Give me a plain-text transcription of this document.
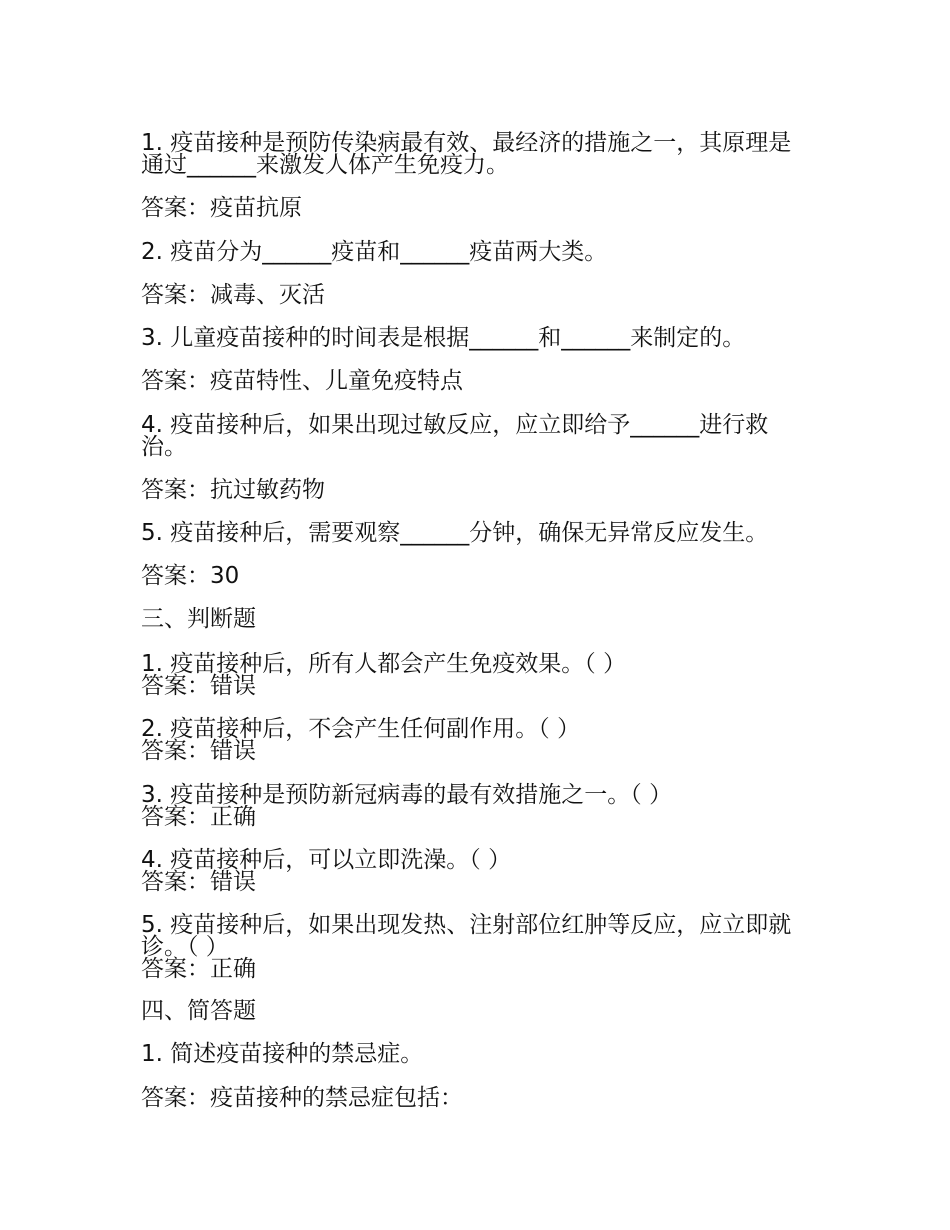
1. 疫苗接种是预防传染病最有效、最经济的措施之一，其原理是通过______来激发人体产生免疫力。
答案：疫苗抗原
2. 疫苗分为______疫苗和______疫苗两大类。
答案：减毒、灭活
3. 儿童疫苗接种的时间表是根据______和______来制定的。
答案：疫苗特性、儿童免疫特点
4. 疫苗接种后，如果出现过敏反应，应立即给予______进行救治。
答案：抗过敏药物
5. 疫苗接种后，需要观察______分钟，确保无异常反应发生。
答案：30
三、判断题
1. 疫苗接种后，所有人都会产生免疫效果。（ ）
答案：错误
2. 疫苗接种后，不会产生任何副作用。（ ）
答案：错误
3. 疫苗接种是预防新冠病毒的最有效措施之一。（ ）
答案：正确
4. 疫苗接种后，可以立即洗澡。（ ）
答案：错误
5. 疫苗接种后，如果出现发热、注射部位红肿等反应，应立即就诊。（ ）
答案：正确
四、简答题
1. 简述疫苗接种的禁忌症。
答案：疫苗接种的禁忌症包括：
